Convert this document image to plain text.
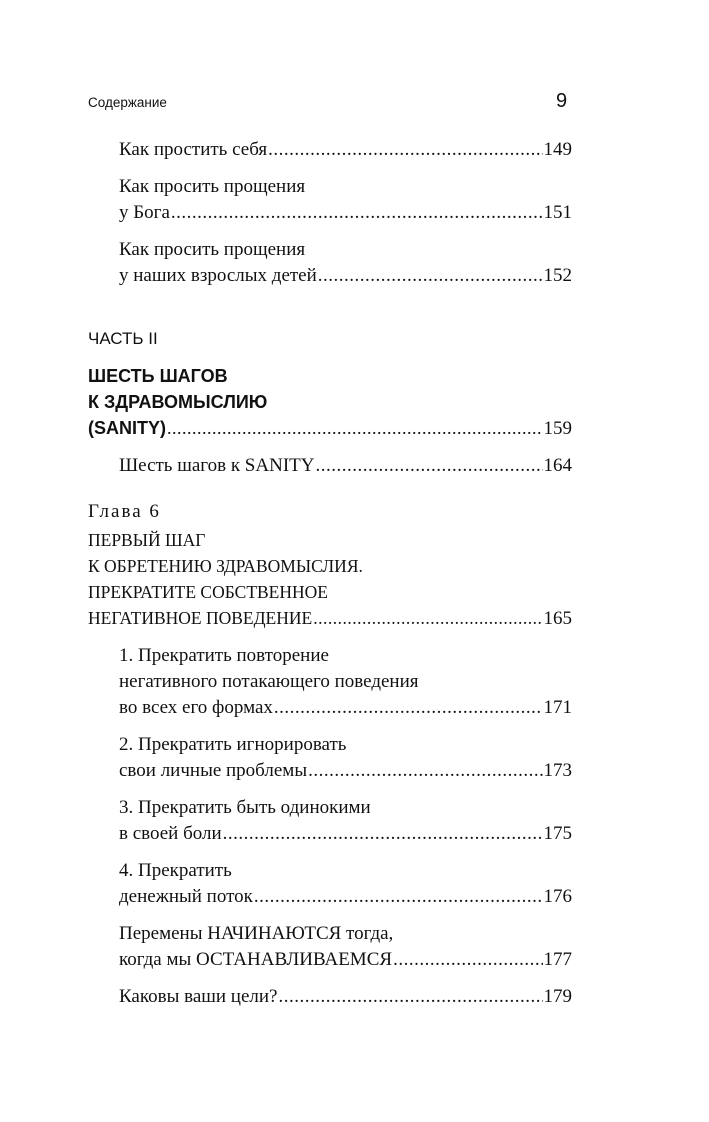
Содержание	9
Как простить себя .....	149
Как просить прощения
у Бога .....	151
Как просить прощения
у наших взрослых детей .....	152
ЧАСТЬ II
ШЕСТЬ ШАГОВ
К ЗДРАВОМЫСЛИЮ
(SANITY) .....	159
Шесть шагов к SANITY .....	164
Глава 6
ПЕРВЫЙ ШАГ
К ОБРЕТЕНИЮ ЗДРАВОМЫСЛИЯ.
ПРЕКРАТИТЕ СОБСТВЕННОЕ
НЕГАТИВНОЕ ПОВЕДЕНИЕ .....	165
1. Прекратить повторение
негативного потакающего поведения
во всех его формах .....	171
2. Прекратить игнорировать
свои личные проблемы .....	173
3. Прекратить быть одинокими
в своей боли .....	175
4. Прекратить
денежный поток .....	176
Перемены НАЧИНАЮТСЯ тогда,
когда мы ОСТАНАВЛИВАЕМСЯ .....	177
Каковы ваши цели? .....	179
